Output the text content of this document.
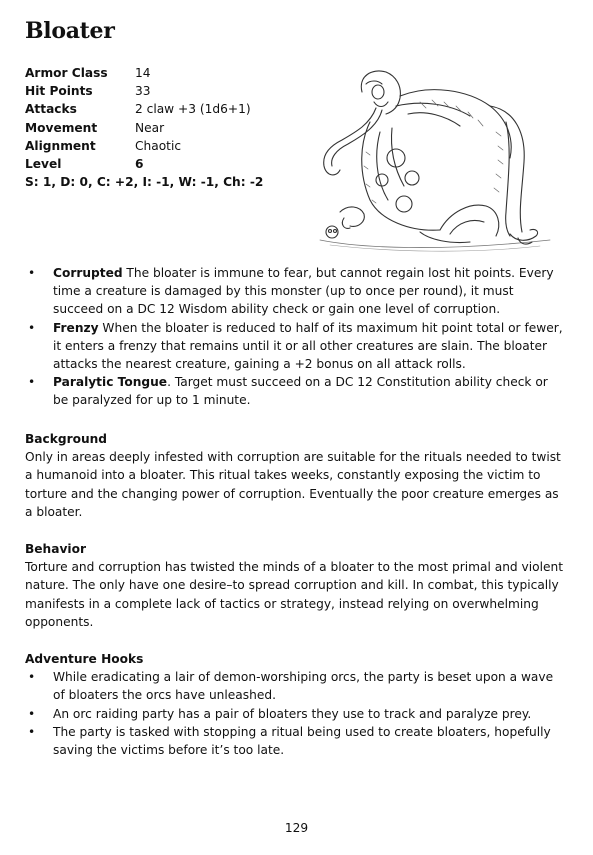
Bloater
Armor Class	14
Hit Points	33
Attacks	2 claw +3 (1d6+1)
Movement	Near
Alignment	Chaotic
Level	6
S: 1, D: 0, C: +2, I: -1, W: -1, Ch: -2
• Corrupted The bloater is immune to fear, but cannot regain lost hit points. Every time a creature is damaged by this monster (up to once per round), it must succeed on a DC 12 Wisdom ability check or gain one level of corruption.
• Frenzy When the bloater is reduced to half of its maximum hit point total or fewer, it enters a frenzy that remains until it or all other creatures are slain. The bloater attacks the nearest creature, gaining a +2 bonus on all attack rolls.
• Paralytic Tongue. Target must succeed on a DC 12 Constitution ability check or be paralyzed for up to 1 minute.
Background

Only in areas deeply infested with corruption are suitable for the rituals needed to twist a humanoid into a bloater. This ritual takes weeks, constantly exposing the victim to torture and the changing power of corruption. Eventually the poor creature emerges as a bloater.

Behavior

Torture and corruption has twisted the minds of a bloater to the most primal and violent nature. The only have one desire–to spread corruption and kill. In combat, this typically manifests in a complete lack of tactics or strategy, instead relying on overwhelming opponents.

Adventure Hooks
• While eradicating a lair of demon-worshiping orcs, the party is beset upon a wave of bloaters the orcs have unleashed.
• An orc raiding party has a pair of bloaters they use to track and paralyze prey.
• The party is tasked with stopping a ritual being used to create bloaters, hopefully saving the victims before it’s too late.
129
